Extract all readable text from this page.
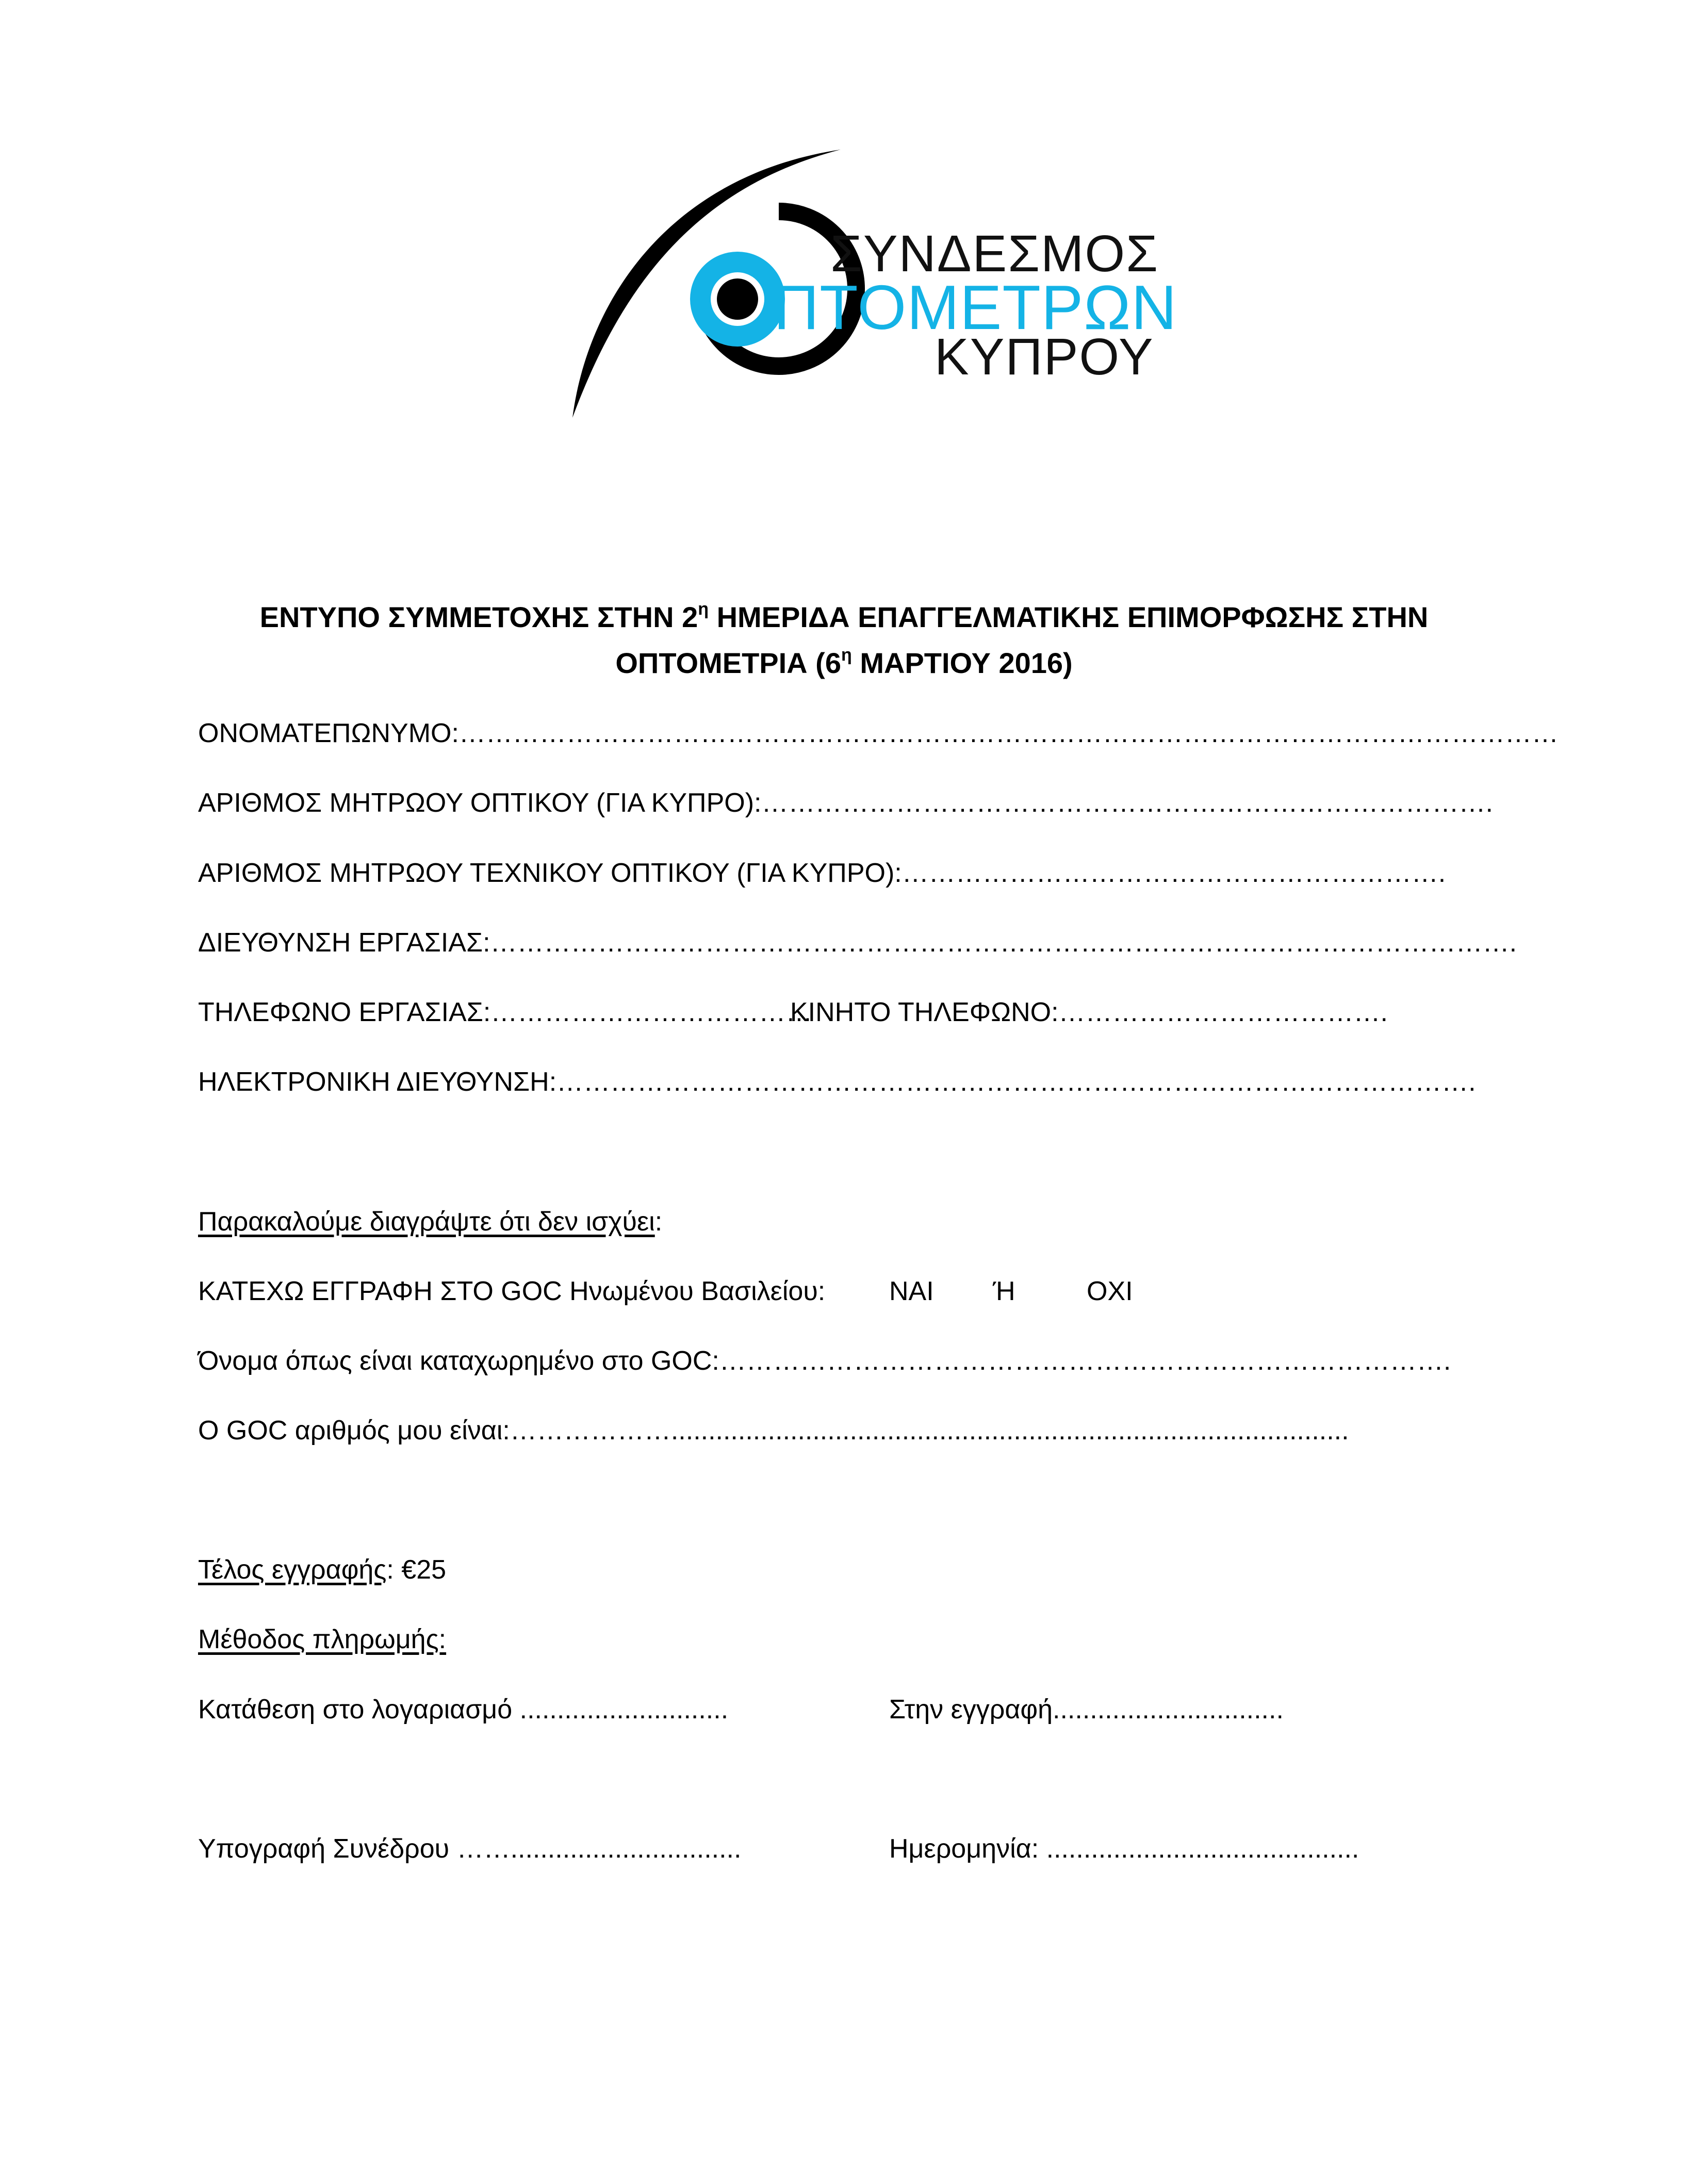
ΣΥΝΔΕΣΜΟΣ
ΠΤΟΜΕΤΡΩΝ
ΚΥΠΡΟΥ
ΕΝΤΥΠΟ ΣΥΜΜΕΤΟΧΗΣ ΣΤΗΝ $2^\eta$ ΗΜΕΡΙΔΑ ΕΠΑΓΓΕΛΜΑΤΙΚΗΣ ΕΠΙΜΟΡΦΩΣΗΣ ΣΤΗΝ
ΟΠΤΟΜΕΤΡΙΑ ($6^\eta$ ΜΑΡΤΙΟΥ 2016)
ΟΝΟΜΑΤΕΠΩΝΥΜΟ:……………………………………………………………………………………………………………
ΑΡΙΘΜΟΣ ΜΗΤΡΩΟΥ ΟΠΤΙΚΟΥ (ΓΙΑ ΚΥΠΡΟ):……………………………………………………………………….
ΑΡΙΘΜΟΣ ΜΗΤΡΩΟΥ ΤΕΧΝΙΚΟΥ ΟΠΤΙΚΟΥ (ΓΙΑ ΚΥΠΡΟ):…………………………………………………….
ΔΙΕΥΘΥΝΣΗ ΕΡΓΑΣΙΑΣ:…………………………………………………………………………………………………….
ΤΗΛΕΦΩΝΟ ΕΡΓΑΣΙΑΣ:………………………………
ΚΙΝΗΤΟ ΤΗΛΕΦΩΝΟ:……………………………….
ΗΛΕΚΤΡΟΝΙΚΗ ΔΙΕΥΘΥΝΣΗ:………………………………………………………………………………………….
Παρακαλούμε διαγράψτε ότι δεν ισχύει:
ΚΑΤΕΧΩ ΕΓΓΡΑΦΗ ΣΤΟ GOC Ηνωμένου Βασιλείου: ΝΑΙ Ή	ΟΧΙ
Όνομα όπως είναι καταχωρημένο στο GOC:……………………………………………………………………….
Ο GOC αριθμός μου είναι:………………...........................................................................................
Τέλος εγγραφής: €25
Μέθοδος πληρωμής:
Κατάθεση στο λογαριασμό ............................	Στην εγγραφή...............................
Υπογραφή Συνέδρου ……...............................	Ημερομηνία: ..........................................
